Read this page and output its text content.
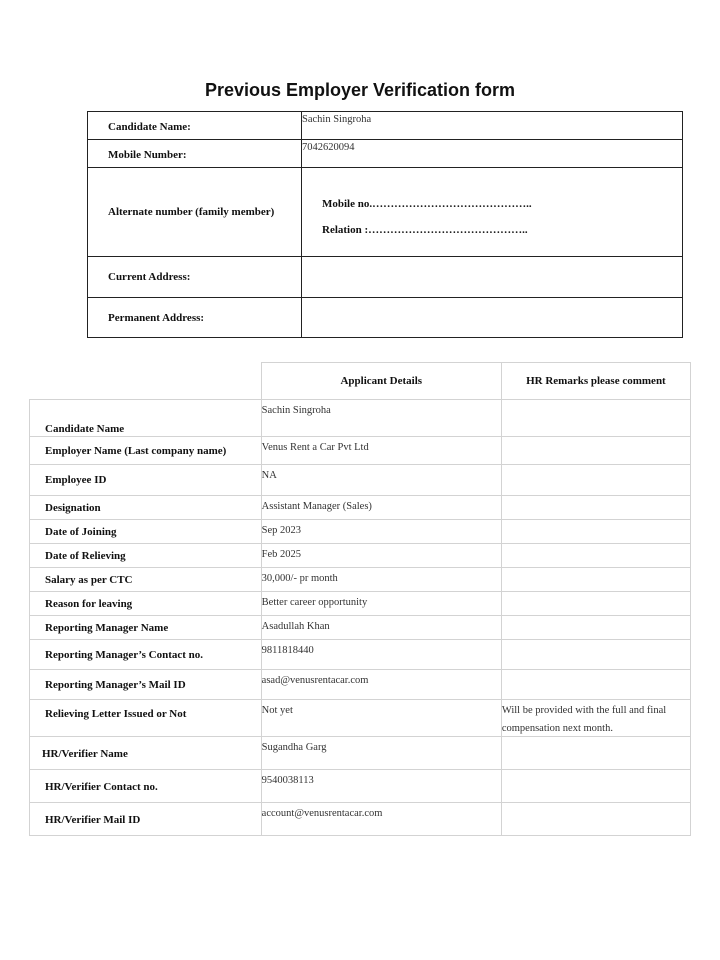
Previous Employer Verification form
Candidate Name:	Sachin Singroha

Mobile Number:	7042620094

Alternate number (family member)	Mobile no.……………………………………..
Relation :……………………………………..

Current Address:	

Permanent Address:	

	Applicant Details	HR Remarks please comment

Candidate Name	Sachin Singroha	

Employer Name (Last company name)	Venus Rent a Car Pvt Ltd	

Employee ID	NA	

Designation	Assistant Manager (Sales)	

Date of Joining	Sep 2023	

Date of Relieving	Feb 2025	

Salary as per CTC	30,000/- pr month	

Reason for leaving	Better career opportunity	

Reporting Manager Name	Asadullah Khan	

Reporting Manager’s Contact no.	9811818440	

Reporting Manager’s Mail ID	asad@venusrentacar.com	

Relieving Letter Issued or Not	Not yet	Will be provided with the full and final compensation next month.

HR/Verifier Name	Sugandha Garg	

HR/Verifier Contact no.	9540038113	

HR/Verifier Mail ID	account@venusrentacar.com	
